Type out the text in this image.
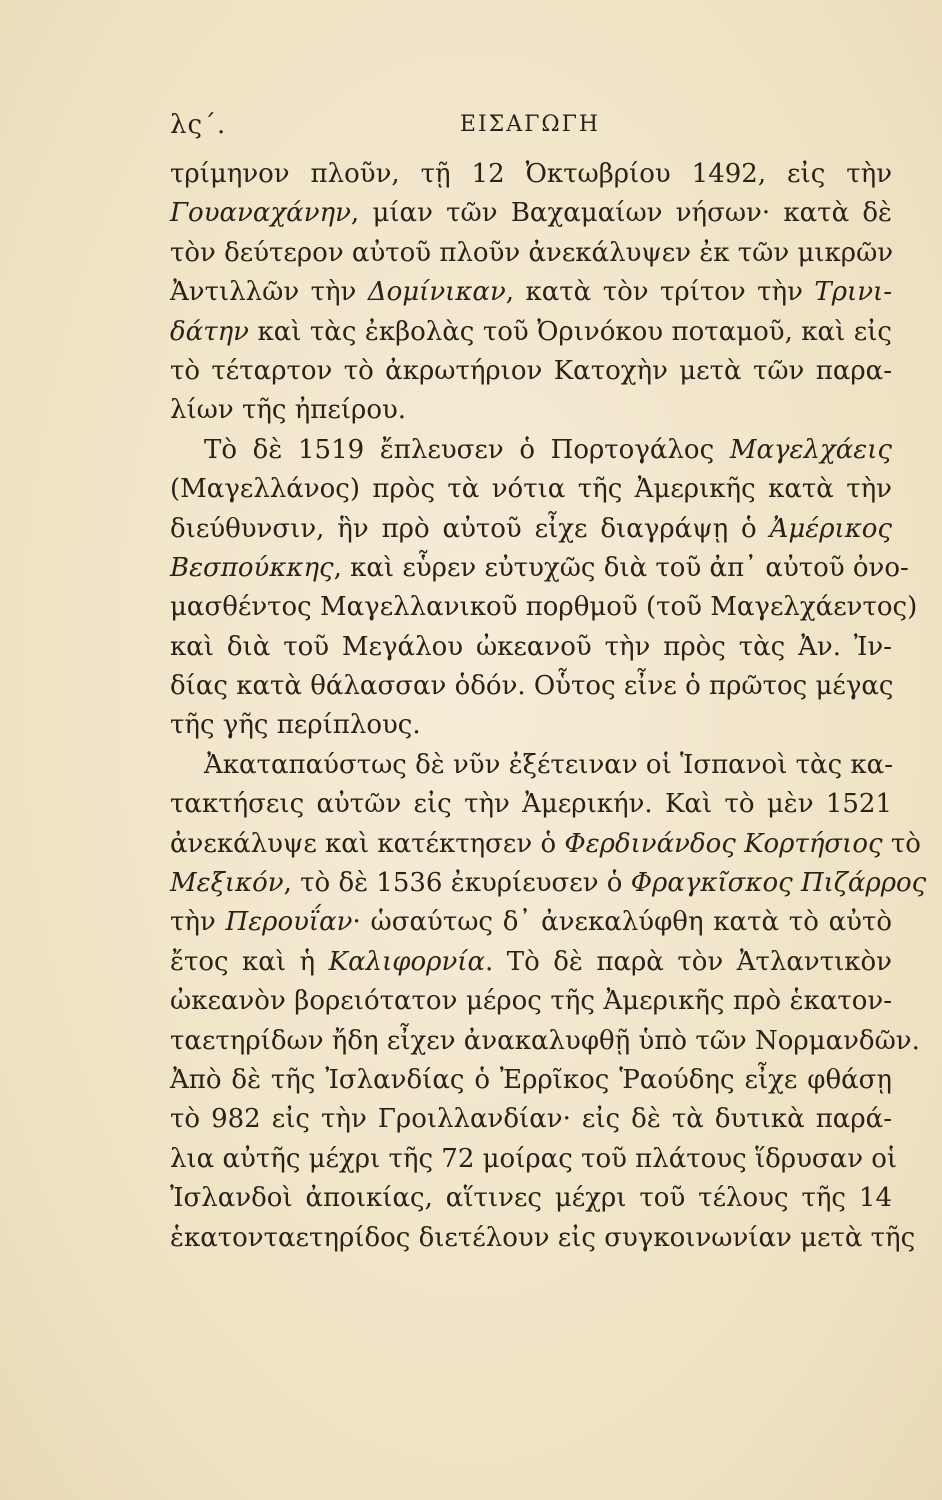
λς΄.	ΕΙΣΑΓΩΓΗ
τρίμηνον πλοῦν, τῇ 12 Ὀκτωβρίου 1492, εἰς τὴν
Γουαναχάνην, μίαν τῶν Βαχαμαίων νήσων· κατὰ δὲ
τὸν δεύτερον αὐτοῦ πλοῦν ἀνεκάλυψεν ἐκ τῶν μικρῶν
Ἀντιλλῶν τὴν Δομίνικαν, κατὰ τὸν τρίτον τὴν Τρινι-
δάτην καὶ τὰς ἐκβολὰς τοῦ Ὀρινόκου ποταμοῦ, καὶ εἰς
τὸ τέταρτον τὸ ἀκρωτήριον Κατοχὴν μετὰ τῶν παρα-
λίων τῆς ἠπείρου.
Τὸ δὲ 1519 ἔπλευσεν ὁ Πορτογάλος Μαγελχάεις
(Μαγελλάνος) πρὸς τὰ νότια τῆς Ἀμερικῆς κατὰ τὴν
διεύθυνσιν, ἣν πρὸ αὐτοῦ εἶχε διαγράψῃ ὁ Ἀμέρικος
Βεσπούκκης, καὶ εὗρεν εὐτυχῶς διὰ τοῦ ἀπ᾽ αὐτοῦ ὀνο-
μασθέντος Μαγελλανικοῦ πορθμοῦ (τοῦ Μαγελχάεντος)
καὶ διὰ τοῦ Μεγάλου ὠκεανοῦ τὴν πρὸς τὰς Ἀν. Ἰν-
δίας κατὰ θάλασσαν ὁδόν. Οὗτος εἶνε ὁ πρῶτος μέγας
τῆς γῆς περίπλους.
Ἀκαταπαύστως δὲ νῦν ἐξέτειναν οἱ Ἱσπανοὶ τὰς κα-
τακτήσεις αὐτῶν εἰς τὴν Ἀμερικήν. Καὶ τὸ μὲν 1521
ἀνεκάλυψε καὶ κατέκτησεν ὁ Φερδινάνδος Κορτήσιος τὸ
Μεξικόν, τὸ δὲ 1536 ἐκυρίευσεν ὁ Φραγκῖσκος Πιζάρρος
τὴν Περουΐαν· ὡσαύτως δ᾽ ἀνεκαλύφθη κατὰ τὸ αὐτὸ
ἔτος καὶ ἡ Καλιφορνία. Τὸ δὲ παρὰ τὸν Ἀτλαντικὸν
ὠκεανὸν βορειότατον μέρος τῆς Ἀμερικῆς πρὸ ἑκατον-
ταετηρίδων ἤδη εἶχεν ἀνακαλυφθῇ ὑπὸ τῶν Νορμανδῶν.
Ἀπὸ δὲ τῆς Ἰσλανδίας ὁ Ἐρρῖκος Ῥαούδης εἶχε φθάσῃ
τὸ 982 εἰς τὴν Γροιλλανδίαν· εἰς δὲ τὰ δυτικὰ παρά-
λια αὐτῆς μέχρι τῆς 72 μοίρας τοῦ πλάτους ἵδρυσαν οἱ
Ἰσλανδοὶ ἀποικίας, αἵτινες μέχρι τοῦ τέλους τῆς 14
ἑκατονταετηρίδος διετέλουν εἰς συγκοινωνίαν μετὰ τῆς
